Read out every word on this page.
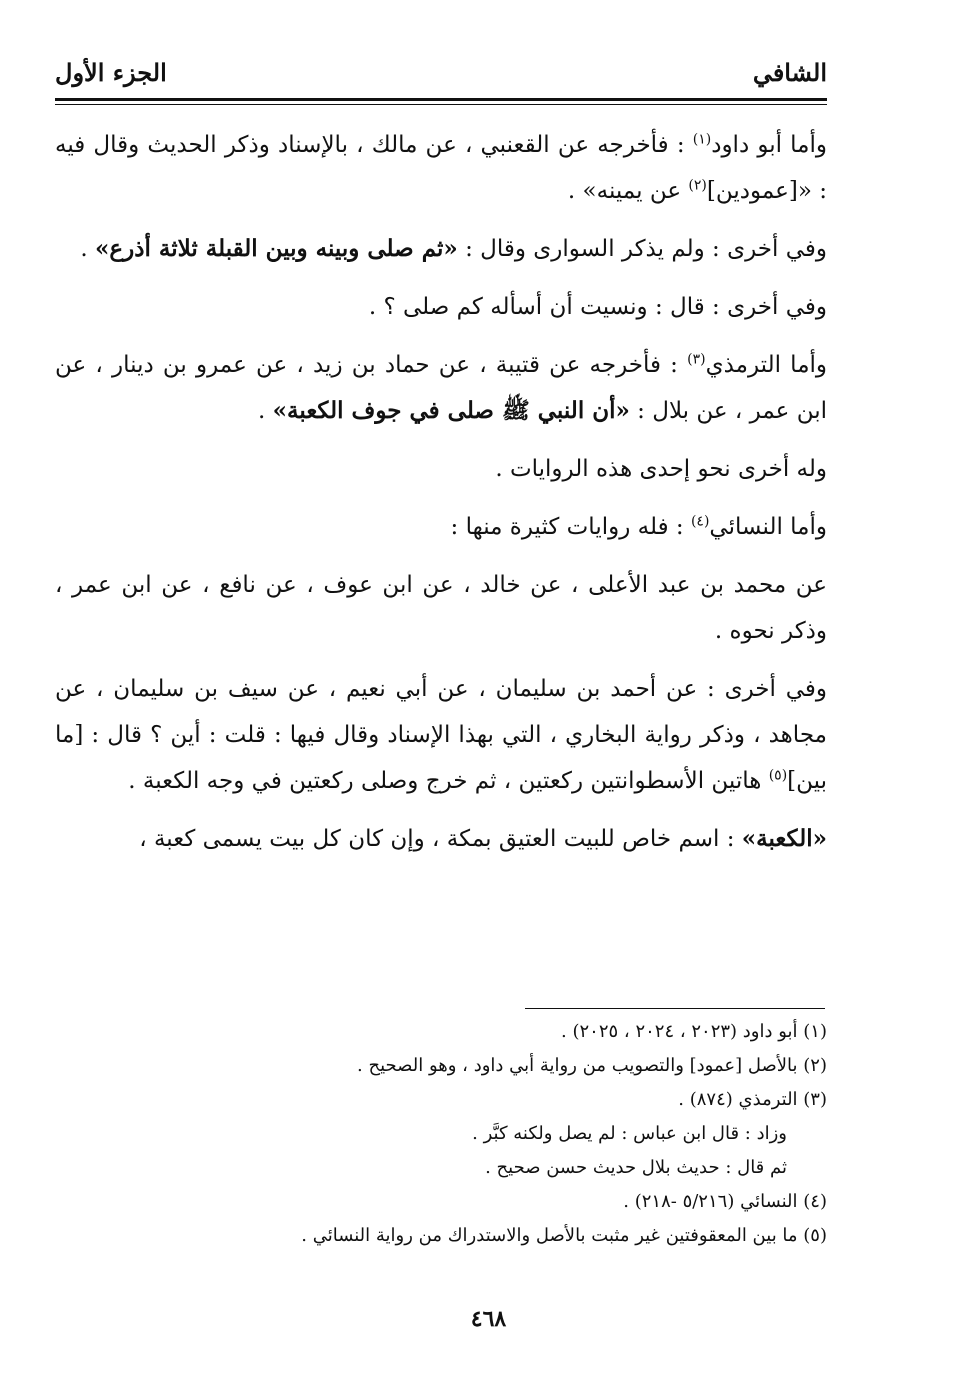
الشافي
الجزء الأول

وأما أبو داود$^{(١)}$ : فأخرجه عن القعنبي ، عن مالك ، بالإسناد وذكر الحديث وقال فيه : «[عمودين]$^{(٢)}$ عن يمينه» .

وفي أخرى : ولم يذكر السوارى وقال : «ثم صلى وبينه وبين القبلة ثلاثة أذرع» .

وفي أخرى : قال : ونسيت أن أسأله كم صلى ؟ .

وأما الترمذي$^{(٣)}$ : فأخرجه عن قتيبة ، عن حماد بن زيد ، عن عمرو بن دينار ، عن ابن عمر ، عن بلال : «أن النبي ﷺ صلى في جوف الكعبة» .

وله أخرى نحو إحدى هذه الروايات .

وأما النسائي$^{(٤)}$ : فله روايات كثيرة منها :

عن محمد بن عبد الأعلى ، عن خالد ، عن ابن عوف ، عن نافع ، عن ابن عمر ، وذكر نحوه .

وفي أخرى : عن أحمد بن سليمان ، عن أبي نعيم ، عن سيف بن سليمان ، عن مجاهد ، وذكر رواية البخاري ، التي بهذا الإسناد وقال فيها : قلت : أين ؟ قال : [ما بين]$^{(٥)}$ هاتين الأسطوانتين ركعتين ، ثم خرج وصلى ركعتين في وجه الكعبة .

«الكعبة» : اسم خاص للبيت العتيق بمكة ، وإن كان كل بيت يسمى كعبة ،

(١) أبو داود (٢٠٢٣ ، ٢٠٢٤ ، ٢٠٢٥) .

(٢) بالأصل [عمود] والتصويب من رواية أبي داود ، وهو الصحيح .

(٣) الترمذي (٨٧٤) .

وزاد : قال ابن عباس : لم يصل ولكنه كبَّر .

ثم قال : حديث بلال حديث حسن صحيح .

(٤) النسائي (٥/٢١٦ -٢١٨) .

(٥) ما بين المعقوفتين غير مثبت بالأصل والاستدراك من رواية النسائي .

٤٦٨
